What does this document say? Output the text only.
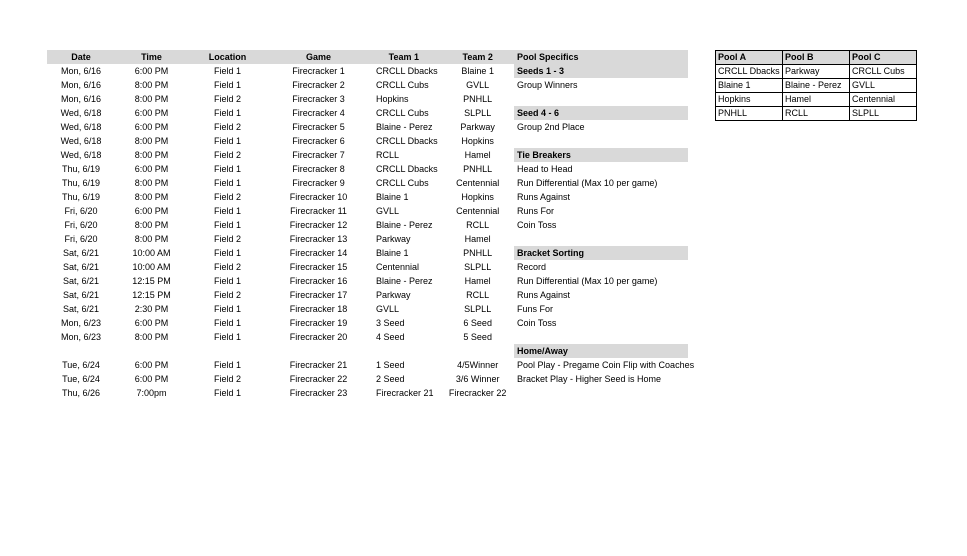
Date	Time	Location	Game	Team 1	Team 2
Mon, 6/16	6:00 PM	Field 1	Firecracker 1	CRCLL Dbacks	Blaine 1
Mon, 6/16	8:00 PM	Field 1	Firecracker 2	CRCLL Cubs	GVLL
Mon, 6/16	8:00 PM	Field 2	Firecracker 3	Hopkins	PNHLL
Wed, 6/18	6:00 PM	Field 1	Firecracker 4	CRCLL Cubs	SLPLL
Wed, 6/18	6:00 PM	Field 2	Firecracker 5	Blaine - Perez	Parkway
Wed, 6/18	8:00 PM	Field 1	Firecracker 6	CRCLL Dbacks	Hopkins
Wed, 6/18	8:00 PM	Field 2	Firecracker 7	RCLL	Hamel
Thu, 6/19	6:00 PM	Field 1	Firecracker 8	CRCLL Dbacks	PNHLL
Thu, 6/19	8:00 PM	Field 1	Firecracker 9	CRCLL Cubs	Centennial
Thu, 6/19	8:00 PM	Field 2	Firecracker 10	Blaine 1	Hopkins
Fri, 6/20	6:00 PM	Field 1	Firecracker 11	GVLL	Centennial
Fri, 6/20	8:00 PM	Field 1	Firecracker 12	Blaine - Perez	RCLL
Fri, 6/20	8:00 PM	Field 2	Firecracker 13	Parkway	Hamel
Sat, 6/21	10:00 AM	Field 1	Firecracker 14	Blaine 1	PNHLL
Sat, 6/21	10:00 AM	Field 2	Firecracker 15	Centennial	SLPLL
Sat, 6/21	12:15 PM	Field 1	Firecracker 16	Blaine - Perez	Hamel
Sat, 6/21	12:15 PM	Field 2	Firecracker 17	Parkway	RCLL
Sat, 6/21	2:30 PM	Field 1	Firecracker 18	GVLL	SLPLL
Mon, 6/23	6:00 PM	Field 1	Firecracker 19	3 Seed	6 Seed
Mon, 6/23	8:00 PM	Field 1	Firecracker 20	4 Seed	5 Seed

Tue, 6/24	6:00 PM	Field 1	Firecracker 21	1 Seed	4/5Winner
Tue, 6/24	6:00 PM	Field 2	Firecracker 22	2 Seed	3/6 Winner
Thu, 6/26	7:00pm	Field 1	Firecracker 23	Firecracker 21	Firecracker 22
Pool Specifics
Seeds 1 - 3
Group Winners
Seed 4 - 6
Group 2nd Place
Tie Breakers
Head to Head
Run Differential (Max 10 per game)
Runs Against
Runs For
Coin Toss
Bracket Sorting
Record
Run Differential (Max 10 per game)
Runs Against
Funs For
Coin Toss
Home/Away
Pool Play - Pregame Coin Flip with Coaches
Bracket Play - Higher Seed is Home
Pool A	Pool B	Pool C
CRCLL Dbacks	Parkway	CRCLL Cubs
Blaine 1	Blaine - Perez	GVLL
Hopkins	Hamel	Centennial
PNHLL	RCLL	SLPLL
